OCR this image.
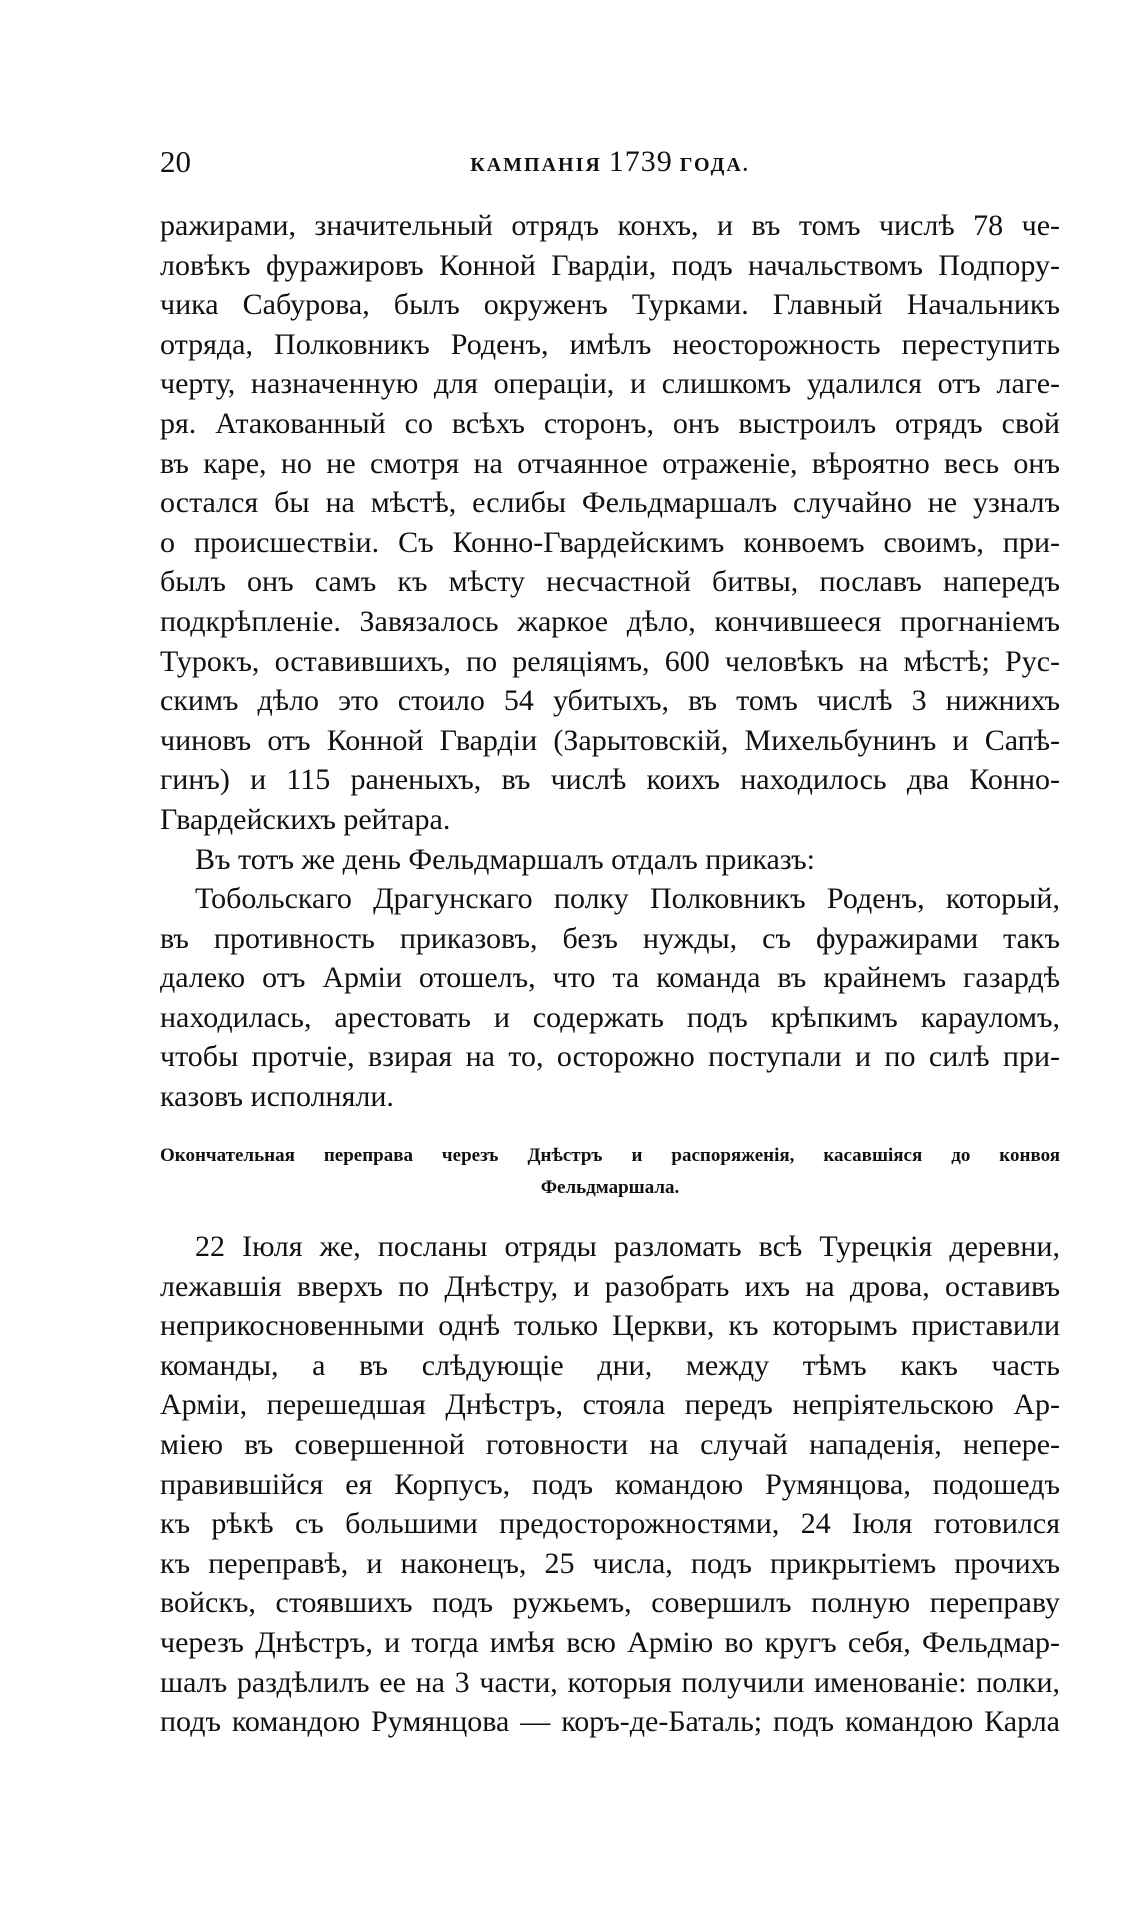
20	КАМПАНІЯ 1739 ГОДА.
ражирами, значительный отрядъ конхъ, и въ томъ числѣ 78 че-
ловѣкъ фуражировъ Конной Гвардіи, подъ начальствомъ Подпору-
чика Сабурова, былъ окруженъ Турками. Главный Начальникъ
отряда, Полковникъ Роденъ, имѣлъ неосторожность переступить
черту, назначенную для операціи, и слишкомъ удалился отъ лаге-
ря. Атакованный со всѣхъ сторонъ, онъ выстроилъ отрядъ свой
въ каре, но не смотря на отчаянное отраженіе, вѣроятно весь онъ
остался бы на мѣстѣ, еслибы Фельдмаршалъ случайно не узналъ
о происшествіи. Съ Конно-Гвардейскимъ конвоемъ своимъ, при-
былъ онъ самъ къ мѣсту несчастной битвы, пославъ напередъ
подкрѣпленіе. Завязалось жаркое дѣло, кончившееся прогнаніемъ
Турокъ, оставившихъ, по реляціямъ, 600 человѣкъ на мѣстѣ; Рус-
скимъ дѣло это стоило 54 убитыхъ, въ томъ числѣ 3 нижнихъ
чиновъ отъ Конной Гвардіи (Зарытовскій, Михельбунинъ и Сапѣ-
гинъ) и 115 раненыхъ, въ числѣ коихъ находилось два Конно-
Гвардейскихъ рейтара.
Въ тотъ же день Фельдмаршалъ отдалъ приказъ:
Тобольскаго Драгунскаго полку Полковникъ Роденъ, который,
въ противность приказовъ, безъ нужды, съ фуражирами такъ
далеко отъ Арміи отошелъ, что та команда въ крайнемъ газардѣ
находилась, арестовать и содержать подъ крѣпкимъ карауломъ,
чтобы протчіе, взирая на то, осторожно поступали и по силѣ при-
казовъ исполняли.
Окончательная переправа черезъ Днѣстръ и распоряженія, касавшіяся до конвоя
Фельдмаршала.
22 Іюля же, посланы отряды разломать всѣ Турецкія деревни,
лежавшія вверхъ по Днѣстру, и разобрать ихъ на дрова, оставивъ
неприкосновенными однѣ только Церкви, къ которымъ приставили
команды, а въ слѣдующіе дни, между тѣмъ какъ часть
Арміи, перешедшая Днѣстръ, стояла передъ непріятельскою Ар-
міею въ совершенной готовности на случай нападенія, непере-
правившійся ея Корпусъ, подъ командою Румянцова, подошедъ
къ рѣкѣ съ большими предосторожностями, 24 Іюля готовился
къ переправѣ, и наконецъ, 25 числа, подъ прикрытіемъ прочихъ
войскъ, стоявшихъ подъ ружьемъ, совершилъ полную переправу
черезъ Днѣстръ, и тогда имѣя всю Армію во кругъ себя, Фельдмар-
шалъ раздѣлилъ ее на 3 части, которыя получили именованіе: полки,
подъ командою Румянцова — коръ-де-Баталь; подъ командою Карла
